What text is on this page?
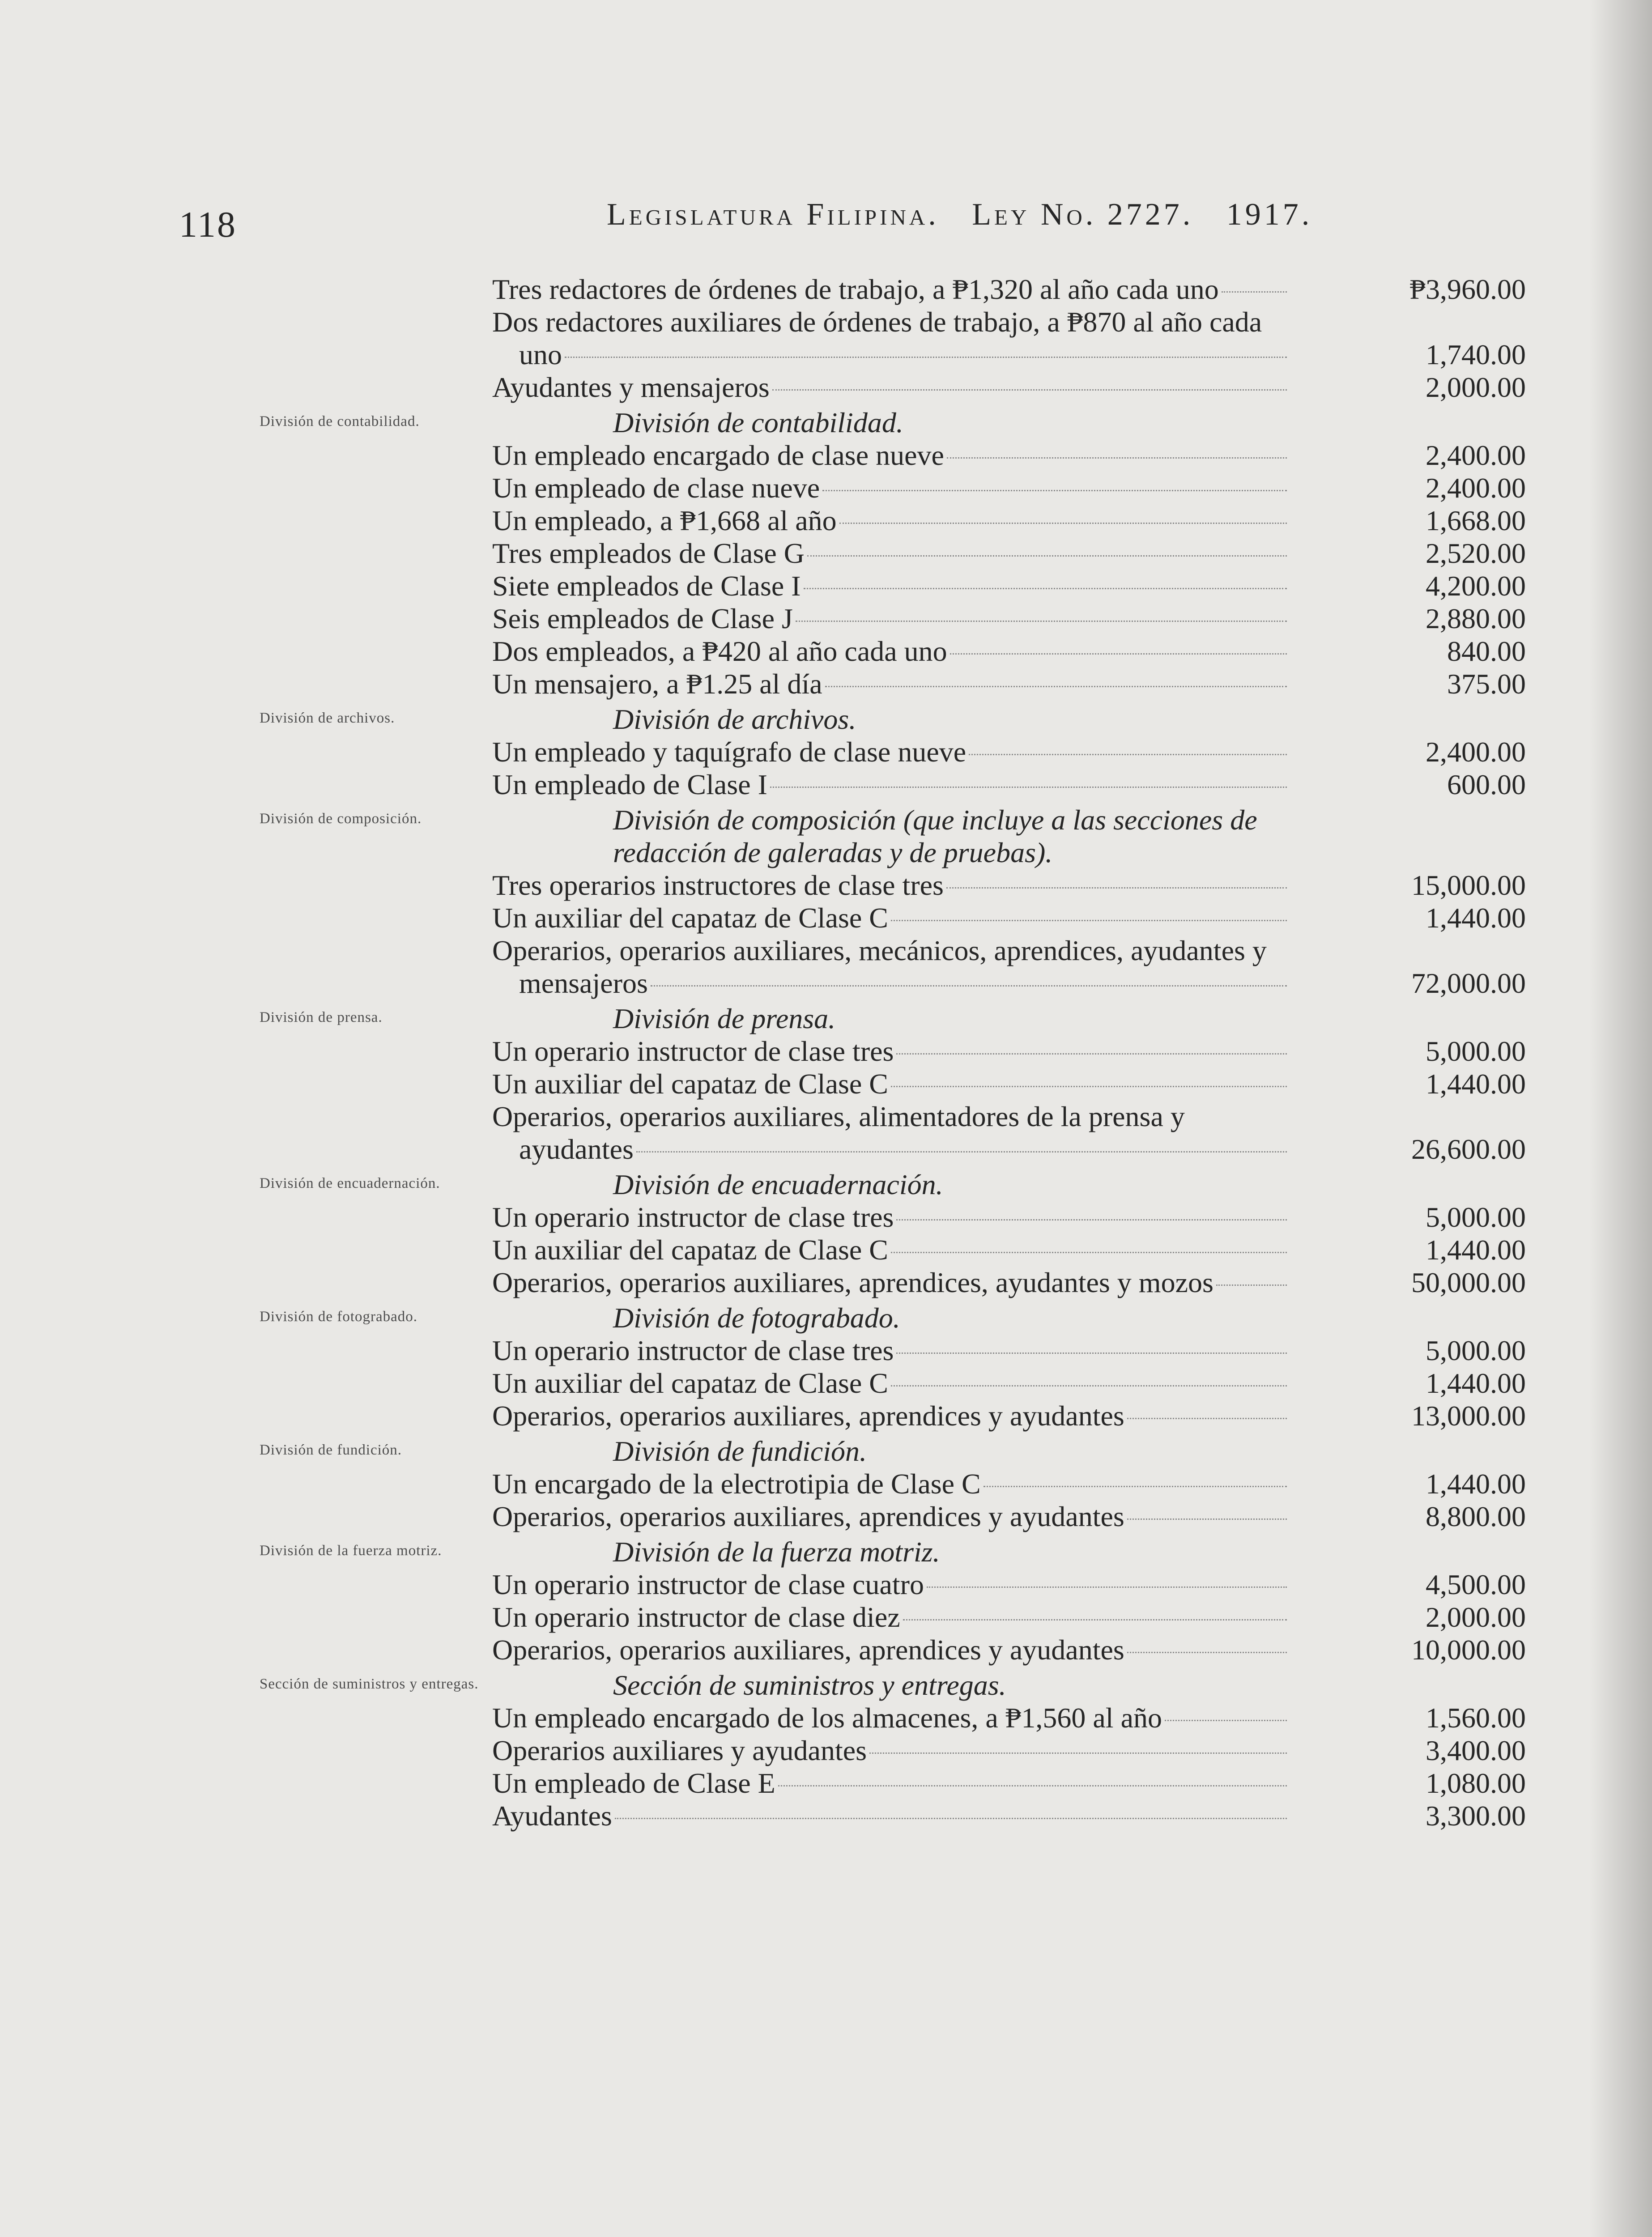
118	Legislatura Filipina. Ley No. 2727. 1917.
Tres redactores de órdenes de trabajo, a ₱1,320 al año cada uno	₱3,960.00
Dos redactores auxiliares de órdenes de trabajo, a ₱870 al año cada uno	1,740.00
Ayudantes y mensajeros	2,000.00
División de contabilidad.	División de contabilidad.
Un empleado encargado de clase nueve	2,400.00
Un empleado de clase nueve	2,400.00
Un empleado, a ₱1,668 al año	1,668.00
Tres empleados de Clase G	2,520.00
Siete empleados de Clase I	4,200.00
Seis empleados de Clase J	2,880.00
Dos empleados, a ₱420 al año cada uno	840.00
Un mensajero, a ₱1.25 al día	375.00
División de archivos.	División de archivos.
Un empleado y taquígrafo de clase nueve	2,400.00
Un empleado de Clase I	600.00
División de composición.	División de composición (que incluye a las secciones de redacción de galeradas y de pruebas).
Tres operarios instructores de clase tres	15,000.00
Un auxiliar del capataz de Clase C	1,440.00
Operarios, operarios auxiliares, mecánicos, aprendices, ayudantes y mensajeros	72,000.00
División de prensa.	División de prensa.
Un operario instructor de clase tres	5,000.00
Un auxiliar del capataz de Clase C	1,440.00
Operarios, operarios auxiliares, alimentadores de la prensa y ayudantes	26,600.00
División de encuadernación.	División de encuadernación.
Un operario instructor de clase tres	5,000.00
Un auxiliar del capataz de Clase C	1,440.00
Operarios, operarios auxiliares, aprendices, ayudantes y mozos	50,000.00
División de fotograbado.	División de fotograbado.
Un operario instructor de clase tres	5,000.00
Un auxiliar del capataz de Clase C	1,440.00
Operarios, operarios auxiliares, aprendices y ayudantes	13,000.00
División de fundición.	División de fundición.
Un encargado de la electrotipia de Clase C	1,440.00
Operarios, operarios auxiliares, aprendices y ayudantes	8,800.00
División de la fuerza motriz.	División de la fuerza motriz.
Un operario instructor de clase cuatro	4,500.00
Un operario instructor de clase diez	2,000.00
Operarios, operarios auxiliares, aprendices y ayudantes	10,000.00
Sección de suministros y entregas.	Sección de suministros y entregas.
Un empleado encargado de los almacenes, a ₱1,560 al año	1,560.00
Operarios auxiliares y ayudantes	3,400.00
Un empleado de Clase E	1,080.00
Ayudantes	3,300.00
